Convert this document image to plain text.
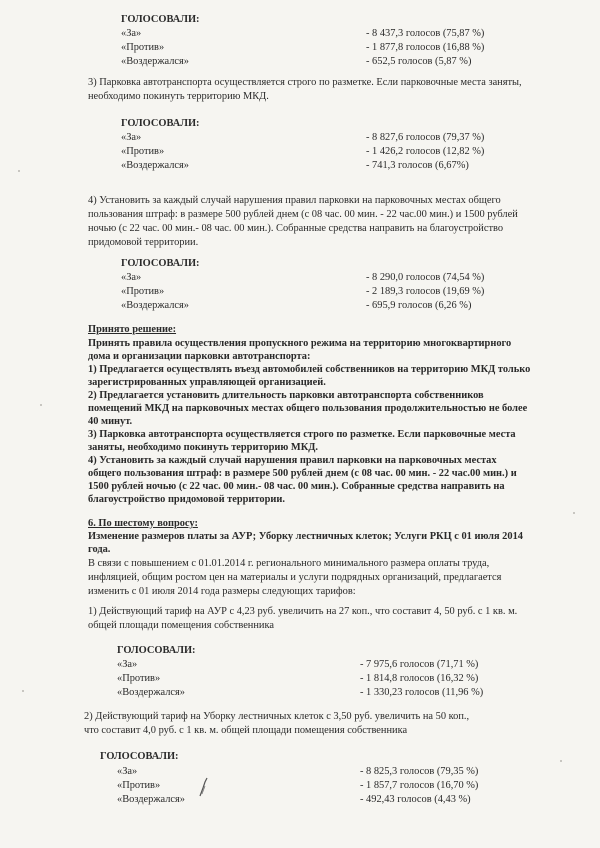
ГОЛОСОВАЛИ:
«За»	- 8 437,3 голосов (75,87 %)
«Против»	- 1 877,8 голосов (16,88 %)
«Воздержался»	- 652,5 голосов (5,87 %)
3) Парковка автотранспорта осуществляется строго по разметке. Если парковочные места заняты,
необходимо покинуть территорию МКД.
ГОЛОСОВАЛИ:
«За»	- 8 827,6 голосов (79,37 %)
«Против»	- 1 426,2 голосов (12,82 %)
«Воздержался»	- 741,3 голосов (6,67%)
4) Установить за каждый случай нарушения правил парковки на парковочных местах общего
пользования штраф: в размере 500 рублей днем (с 08 час. 00 мин. - 22 час.00 мин.) и 1500 рублей
ночью (с 22 час. 00 мин.- 08 час. 00 мин.). Собранные средства направить на благоустройство
придомовой территории.
ГОЛОСОВАЛИ:
«За»	- 8 290,0 голосов (74,54 %)
«Против»	- 2 189,3 голосов (19,69 %)
«Воздержался»	- 695,9 голосов (6,26 %)
Принято решение:
Принять правила осуществления пропускного режима на территорию многоквартирного
дома и организации парковки автотранспорта:
1) Предлагается осуществлять въезд автомобилей собственников на территорию МКД только
зарегистрированных управляющей организацией.
2) Предлагается установить длительность парковки автотранспорта собственников
помещений МКД на парковочных местах общего пользования продолжительностью не более
40 минут.
3) Парковка автотранспорта осуществляется строго по разметке. Если парковочные места
заняты, необходимо покинуть территорию МКД.
4) Установить за каждый случай нарушения правил парковки на парковочных местах
общего пользования штраф: в размере 500 рублей днем (с 08 час. 00 мин. - 22 час.00 мин.) и
1500 рублей ночью (с 22 час. 00 мин.- 08 час. 00 мин.). Собранные средства направить на
благоустройство придомовой территории.
6. По шестому вопросу:
Изменение размеров платы за АУР; Уборку лестничных клеток; Услуги РКЦ с 01 июля 2014
года.
В связи с повышением с 01.01.2014 г. регионального минимального размера оплаты труда,
инфляцией, общим ростом цен на материалы и услуги подрядных организаций, предлагается
изменить с 01 июля 2014 года размеры следующих тарифов:
1) Действующий тариф на АУР с 4,23 руб. увеличить на 27 коп., что составит 4, 50 руб. с 1 кв. м.
общей площади помещения собственника
ГОЛОСОВАЛИ:
«За»	- 7 975,6 голосов (71,71 %)
«Против»	- 1 814,8 голосов (16,32 %)
«Воздержался»	- 1 330,23 голосов (11,96 %)
2) Действующий тариф на Уборку лестничных клеток с 3,50 руб. увеличить на 50 коп.,
что составит 4,0 руб. с 1 кв. м. общей площади помещения собственника
ГОЛОСОВАЛИ:
«За»	- 8 825,3 голосов (79,35 %)
«Против»	- 1 857,7 голосов (16,70 %)
«Воздержался»	- 492,43 голосов (4,43 %)
